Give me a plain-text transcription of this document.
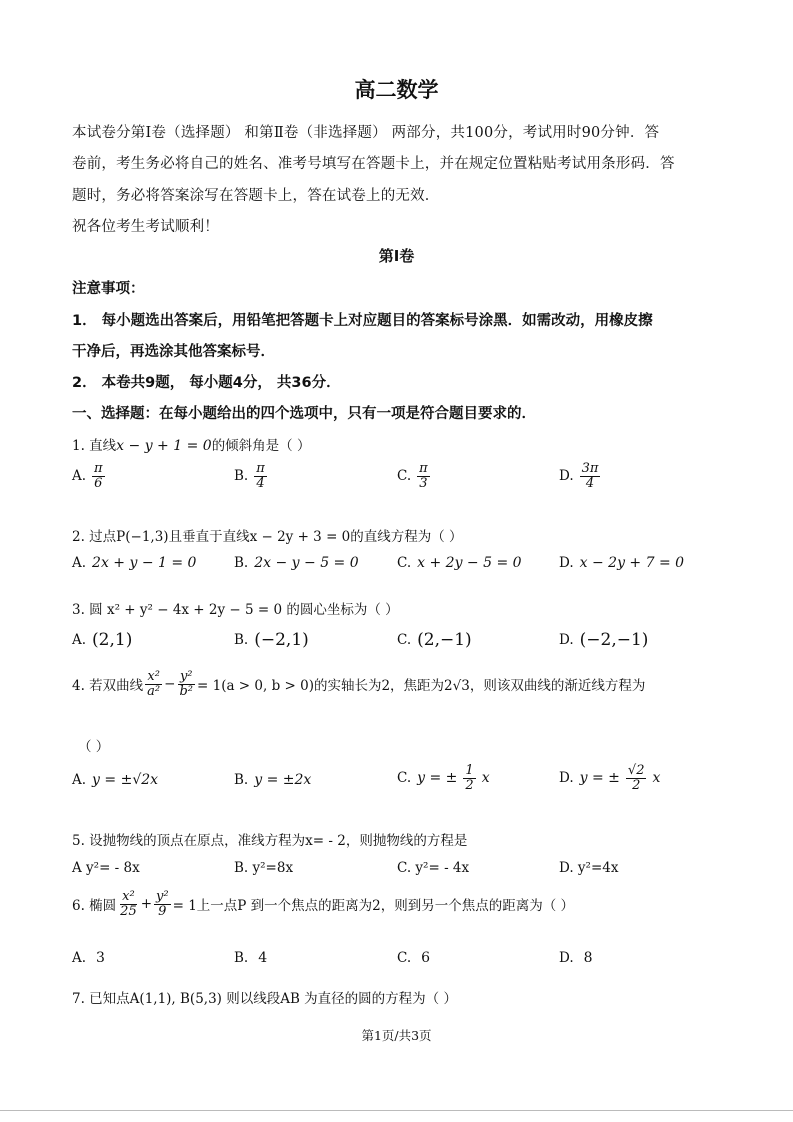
高二数学
本试卷分第Ⅰ卷（选择题） 和第Ⅱ卷（非选择题） 两部分，共100分，考试用时90分钟．答
卷前，考生务必将自己的姓名、准考号填写在答题卡上，并在规定位置粘贴考试用条形码．答
题时，务必将答案涂写在答题卡上，答在试卷上的无效．
祝各位考生考试顺利！
第Ⅰ卷
注意事项：
1． 每小题选出答案后，用铅笔把答题卡上对应题目的答案标号涂黑．如需改动，用橡皮擦
干净后，再选涂其他答案标号．
2． 本卷共9题， 每小题4分， 共36分．
一、选择题：在每小题给出的四个选项中，只有一项是符合题目要求的．
1. 直线x − y + 1 = 0的倾斜角是（ ）
A. $\frac{\pi}{6}$	B. $\frac{\pi}{4}$	C. $\frac{\pi}{3}$	D. $\frac{3\pi}{4}$
2. 过点P(−1,3)且垂直于直线x − 2y + 3 = 0的直线方程为（ ）
A. 2x + y − 1 = 0	B. 2x − y − 5 = 0	C. x + 2y − 5 = 0	D. x − 2y + 7 = 0
3. 圆 x² + y² − 4x + 2y − 5 = 0 的圆心坐标为（ ）
A. (2,1)	B. (−2,1)	C. (2,−1)	D. (−2,−1)
4. 若双曲线 $\frac{\text{x²}}{\text{a²}} - \frac{\text{y²}}{\text{b²}} = 1(a > 0$, b > 0)的实轴长为2，焦距为2√3，则该双曲线的渐近线方程为
（ ）
A. y = ±√2x	B. y = ±2x	C. y = ± $\frac{1}{2}$ x	D. y = ± $\frac{√2}{2}$ x
5. 设抛物线的顶点在原点，准线方程为x= - 2，则抛物线的方程是
A y²= - 8x	B. y²=8x	C. y²= - 4x	D. y²=4x
6. 椭圆 $\frac{\text{x²}}{25} + \frac{\text{y²}}{9} = 1$上一点P 到一个焦点的距离为2，则到另一个焦点的距离为（ ）
A. 3	B. 4	C. 6	D. 8
7. 已知点A(1,1), B(5,3) 则以线段AB 为直径的圆的方程为（ ）
第1页/共3页
